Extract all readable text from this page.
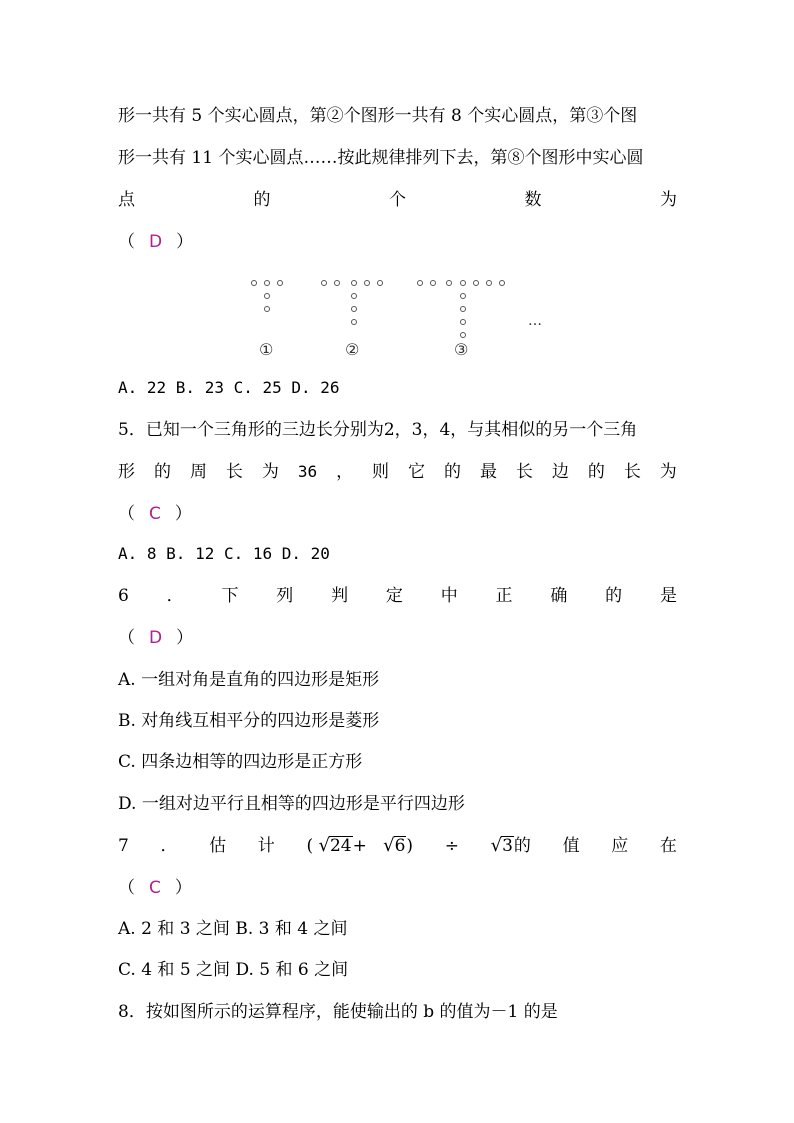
形一共有 5 个实心圆点，第②个图形一共有 8 个实心圆点，第③个图
形一共有 11 个实心圆点……按此规律排列下去，第⑧个图形中实心圆
点	的	个	数	为
（ D ）
①	②	③
…
A. 22 B. 23 C. 25 D. 26
5．已知一个三角形的三边长分别为2，3，4，与其相似的另一个三角
形 的 周 长 为 36 ， 则 它 的 最 长 边 的 长 为
（ C ）
A. 8 B. 12 C. 16 D. 20
6 ． 下 列 判 定 中 正 确 的 是
（ D ）
A. 一组对角是直角的四边形是矩形
B. 对角线互相平分的四边形是菱形
C. 四条边相等的四边形是正方形
D. 一组对边平行且相等的四边形是平行四边形
7 ． 估 计 ( √24+ √6) ÷ √3的 值 应 在
（ C ）
A. 2 和 3 之间 B. 3 和 4 之间
C. 4 和 5 之间 D. 5 和 6 之间
8．按如图所示的运算程序，能使输出的 b 的值为－1 的是
